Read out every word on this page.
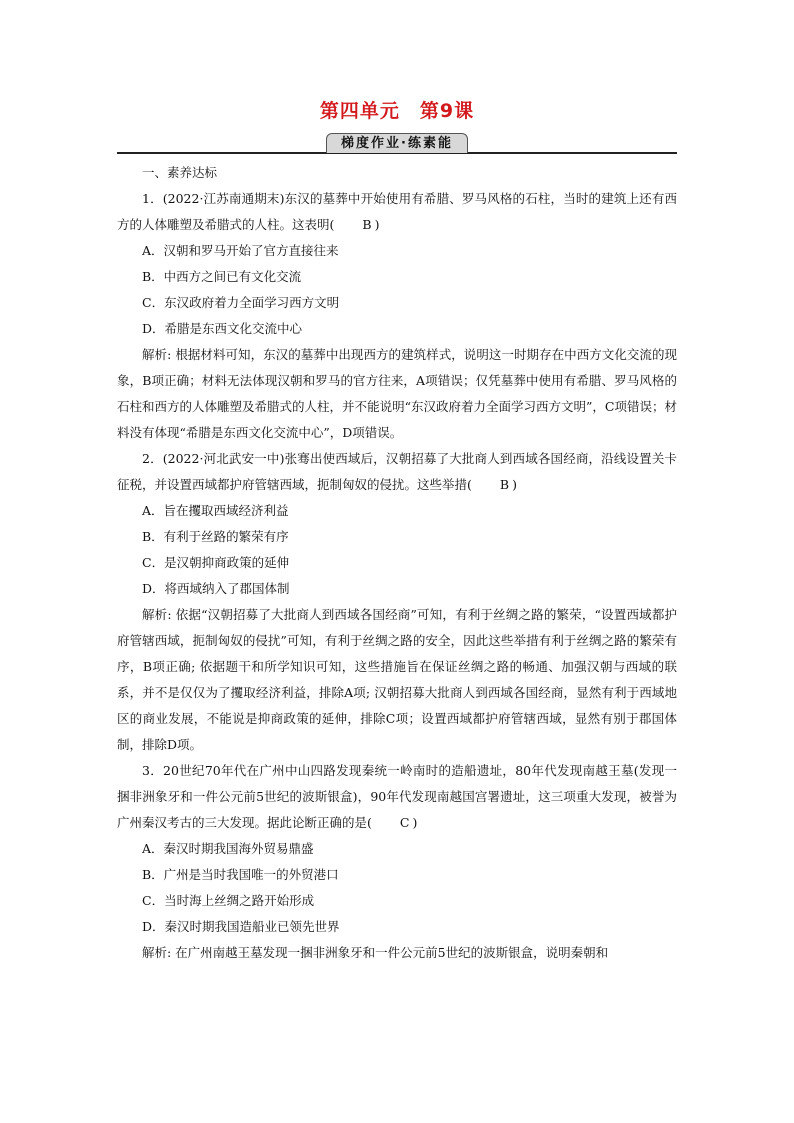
第四单元　第9课
梯度作业·练素能

一、素养达标

1．(2022·江苏南通期末)东汉的墓葬中开始使用有希腊、罗马风格的石柱，当时的建筑上还有西方的人体雕塑及希腊式的人柱。这表明( B )

A．汉朝和罗马开始了官方直接往来

B．中西方之间已有文化交流

C．东汉政府着力全面学习西方文明

D．希腊是东西文化交流中心

解析: 根据材料可知，东汉的墓葬中出现西方的建筑样式，说明这一时期存在中西方文化交流的现象，B项正确；材料无法体现汉朝和罗马的官方往来，A项错误；仅凭墓葬中使用有希腊、罗马风格的石柱和西方的人体雕塑及希腊式的人柱，并不能说明“东汉政府着力全面学习西方文明”，C项错误；材料没有体现“希腊是东西文化交流中心”，D项错误。

2．(2022·河北武安一中)张骞出使西域后，汉朝招募了大批商人到西域各国经商，沿线设置关卡征税，并设置西域都护府管辖西域，扼制匈奴的侵扰。这些举措( B )

A．旨在攫取西域经济利益

B．有利于丝路的繁荣有序

C．是汉朝抑商政策的延伸

D．将西域纳入了郡国体制

解析: 依据“汉朝招募了大批商人到西域各国经商”可知，有利于丝绸之路的繁荣，“设置西域都护府管辖西域，扼制匈奴的侵扰”可知，有利于丝绸之路的安全，因此这些举措有利于丝绸之路的繁荣有序，B项正确; 依据题干和所学知识可知，这些措施旨在保证丝绸之路的畅通、加强汉朝与西域的联系，并不是仅仅为了攫取经济利益，排除A项; 汉朝招募大批商人到西域各国经商，显然有利于西域地区的商业发展，不能说是抑商政策的延伸，排除C项；设置西域都护府管辖西域，显然有别于郡国体制，排除D项。

3．20世纪70年代在广州中山四路发现秦统一岭南时的造船遗址，80年代发现南越王墓(发现一捆非洲象牙和一件公元前5世纪的波斯银盒)，90年代发现南越国宫署遗址，这三项重大发现，被誉为广州秦汉考古的三大发现。据此论断正确的是( C )

A．秦汉时期我国海外贸易鼎盛

B．广州是当时我国唯一的外贸港口

C．当时海上丝绸之路开始形成

D．秦汉时期我国造船业已领先世界

解析: 在广州南越王墓发现一捆非洲象牙和一件公元前5世纪的波斯银盒，说明秦朝和
